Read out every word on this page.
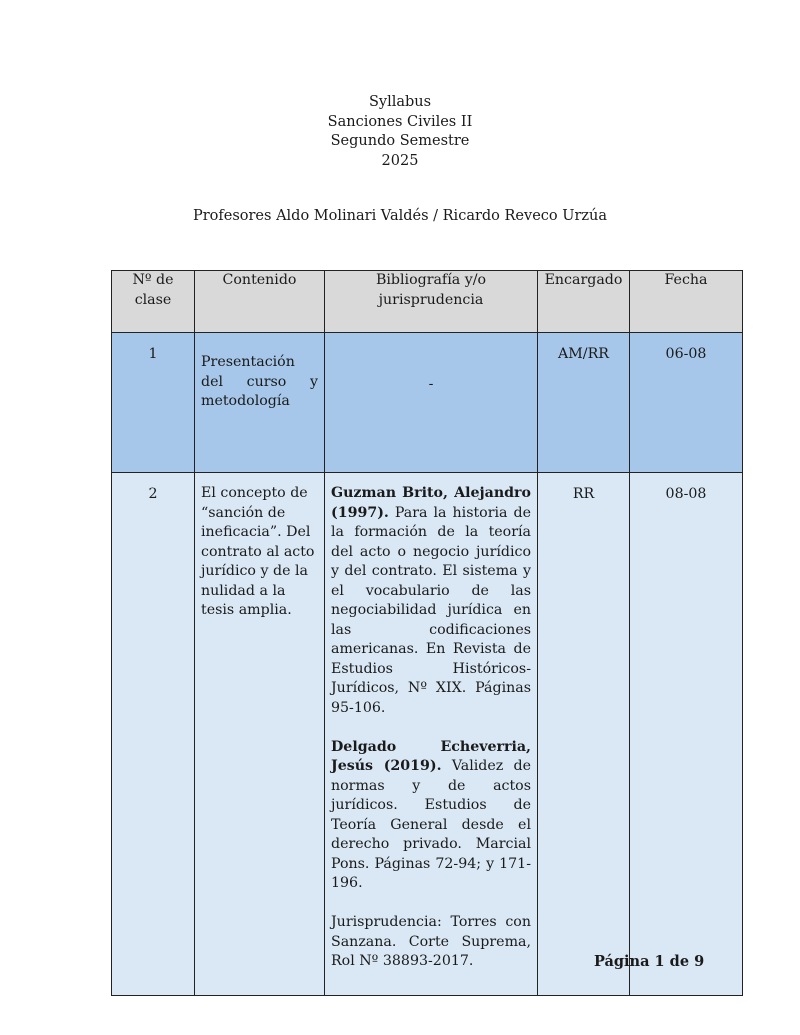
Syllabus
Sanciones Civiles II
Segundo Semestre
2025
Profesores Aldo Molinari Valdés / Ricardo Reveco Urzúa
Nº de clase	Contenido	Bibliografía y/o jurisprudencia	Encargado	Fecha
1	Presentación del curso y metodología	-	AM/RR	06-08
2	El concepto de “sanción de ineficacia”. Del contrato al acto jurídico y de la nulidad a la tesis amplia.	Guzman Brito, Alejandro (1997). Para la historia de la formación de la teoría del acto o negocio jurídico y del contrato. El sistema y el vocabulario de las negociabilidad jurídica en las codificaciones americanas. En Revista de Estudios Históricos-Jurídicos, Nº XIX. Páginas 95-106.

Delgado Echeverria, Jesús (2019). Validez de normas y de actos jurídicos. Estudios de Teoría General desde el derecho privado. Marcial Pons. Páginas 72-94; y 171-196.

Jurisprudencia: Torres con Sanzana. Corte Suprema, Rol Nº 38893-2017.	RR	08-08
Página 1 de 9
